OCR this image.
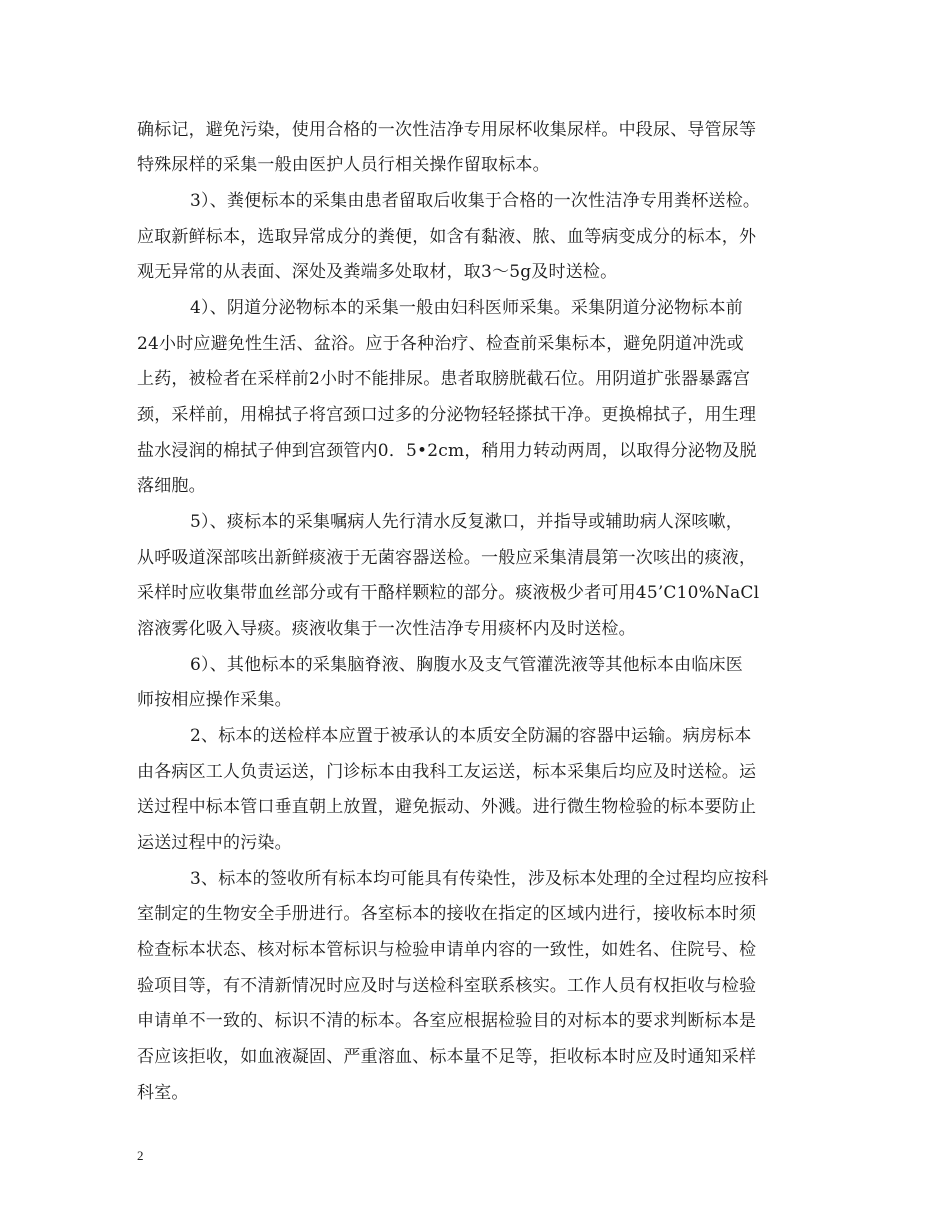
确标记，避免污染，使用合格的一次性洁净专用尿杯收集尿样。中段尿、导管尿等
特殊尿样的采集一般由医护人员行相关操作留取标本。
3）、粪便标本的采集由患者留取后收集于合格的一次性洁净专用粪杯送检。
应取新鲜标本，选取异常成分的粪便，如含有黏液、脓、血等病变成分的标本，外
观无异常的从表面、深处及粪端多处取材，取3～5g及时送检。
4）、阴道分泌物标本的采集一般由妇科医师采集。采集阴道分泌物标本前
24小时应避免性生活、盆浴。应于各种治疗、检查前采集标本，避免阴道冲洗或
上药，被检者在采样前2小时不能排尿。患者取膀胱截石位。用阴道扩张器暴露宫
颈，采样前，用棉拭子将宫颈口过多的分泌物轻轻搽拭干净。更换棉拭子，用生理
盐水浸润的棉拭子伸到宫颈管内0．5•2cm，稍用力转动两周，以取得分泌物及脱
落细胞。
5）、痰标本的采集嘱病人先行清水反复漱口，并指导或辅助病人深咳嗽，
从呼吸道深部咳出新鲜痰液于无菌容器送检。一般应采集清晨第一次咳出的痰液，
采样时应收集带血丝部分或有干酪样颗粒的部分。痰液极少者可用45’C10%NaCl
溶液雾化吸入导痰。痰液收集于一次性洁净专用痰杯内及时送检。
6）、其他标本的采集脑脊液、胸腹水及支气管灌洗液等其他标本由临床医
师按相应操作采集。
2、标本的送检样本应置于被承认的本质安全防漏的容器中运输。病房标本
由各病区工人负责运送，门诊标本由我科工友运送，标本采集后均应及时送检。运
送过程中标本管口垂直朝上放置，避免振动、外溅。进行微生物检验的标本要防止
运送过程中的污染。
3、标本的签收所有标本均可能具有传染性，涉及标本处理的全过程均应按科
室制定的生物安全手册进行。各室标本的接收在指定的区域内进行，接收标本时须
检查标本状态、核对标本管标识与检验申请单内容的一致性，如姓名、住院号、检
验项目等，有不清新情况时应及时与送检科室联系核实。工作人员有权拒收与检验
申请单不一致的、标识不清的标本。各室应根据检验目的对标本的要求判断标本是
否应该拒收，如血液凝固、严重溶血、标本量不足等，拒收标本时应及时通知采样
科室。
2
